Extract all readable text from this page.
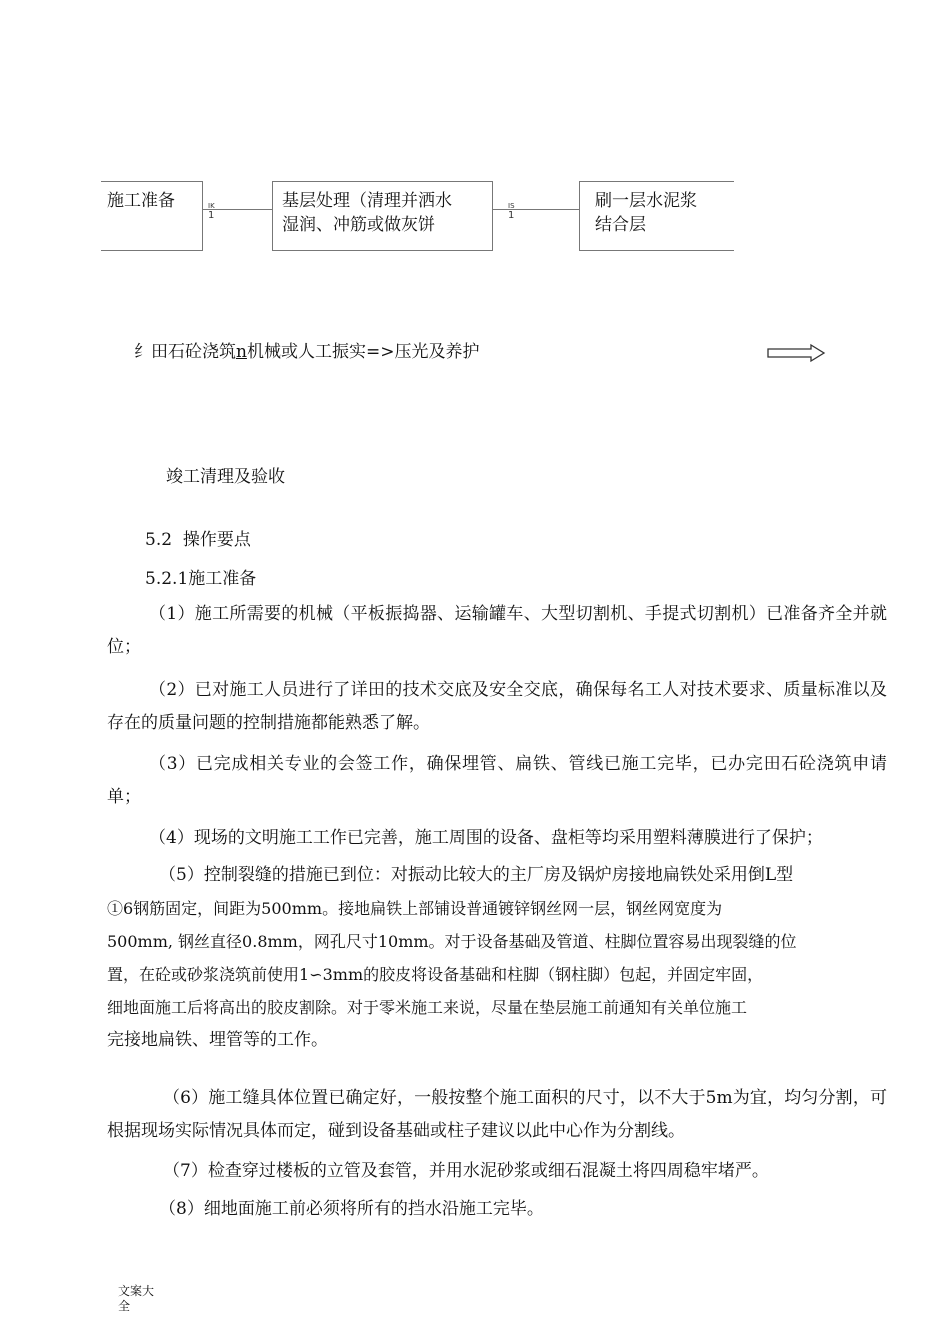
施工准备	IK
1
基层处理（清理并洒水
湿润、冲筋或做灰饼
IS
1
刷一层水泥浆
结合层
纟田石砼浇筑n机械或人工振实=>压光及养护
竣工清理及验收
5.2  操作要点
5.2.1施工准备
（1）施工所需要的机械（平板振捣器、运输罐车、大型切割机、手提式切割机）已准备齐全并就位；
（2）已对施工人员进行了详田的技术交底及安全交底，确保每名工人对技术要求、质量标准以及存在的质量问题的控制措施都能熟悉了解。
（3）已完成相关专业的会签工作，确保埋管、扁铁、管线已施工完毕，已办完田石砼浇筑申请单；
（4）现场的文明施工工作已完善，施工周围的设备、盘柜等均采用塑料薄膜进行了保护；
（5）控制裂缝的措施已到位：对振动比较大的主厂房及锅炉房接地扁铁处采用倒L型
①6钢筋固定，间距为500mm。接地扁铁上部铺设普通镀锌钢丝网一层，钢丝网宽度为
500mm, 钢丝直径0.8mm，网孔尺寸10mm。对于设备基础及管道、柱脚位置容易出现裂缝的位
置，在砼或砂浆浇筑前使用1∽3mm的胶皮将设备基础和柱脚（钢柱脚）包起，并固定牢固，
细地面施工后将高出的胶皮割除。对于零米施工来说，尽量在垫层施工前通知有关单位施工
完接地扁铁、埋管等的工作。
（6）施工缝具体位置已确定好，一般按整个施工面积的尺寸，以不大于5m为宜，均匀分割，可根据现场实际情况具体而定，碰到设备基础或柱子建议以此中心作为分割线。
（7）检查穿过楼板的立管及套管，并用水泥砂浆或细石混凝土将四周稳牢堵严。
（8）细地面施工前必须将所有的挡水沿施工完毕。
文案大全
